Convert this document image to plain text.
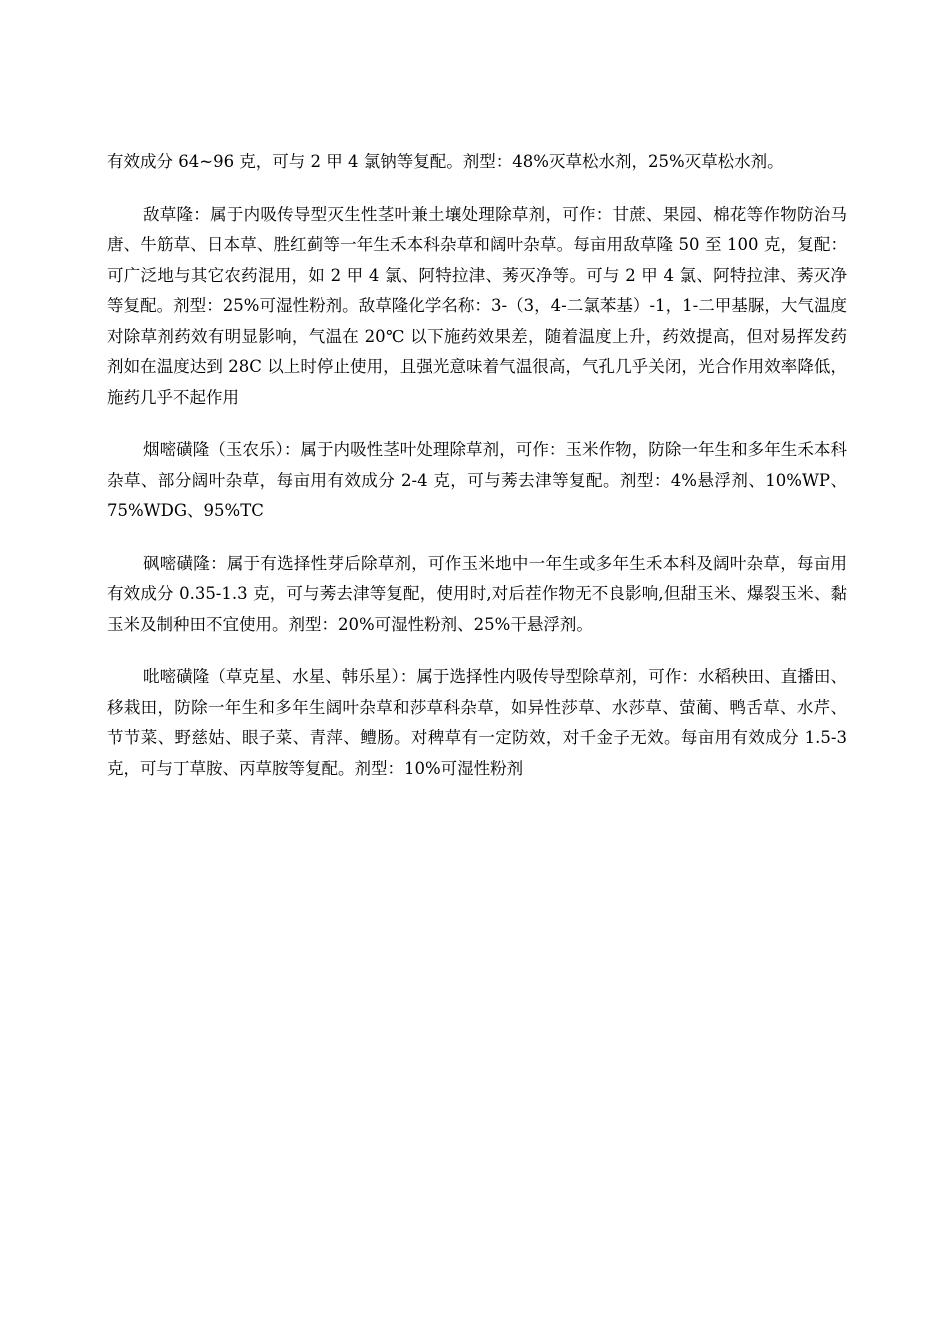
有效成分 64~96 克，可与 2 甲 4 氯钠等复配。剂型：48%灭草松水剂，25%灭草松水剂。

敌草隆：属于内吸传导型灭生性茎叶兼土壤处理除草剂，可作：甘蔗、果园、棉花等作物防治马唐、牛筋草、日本草、胜红蓟等一年生禾本科杂草和阔叶杂草。每亩用敌草隆 50 至 100 克，复配：可广泛地与其它农药混用，如 2 甲 4 氯、阿特拉津、莠灭净等。可与 2 甲 4 氯、阿特拉津、莠灭净等复配。剂型：25%可湿性粉剂。敌草隆化学名称：3-（3，4-二氯苯基）-1，1-二甲基脲，大气温度对除草剂药效有明显影响，气温在 20℃ 以下施药效果差，随着温度上升，药效提高，但对易挥发药剂如在温度达到 28C 以上时停止使用，且强光意味着气温很高，气孔几乎关闭，光合作用效率降低，施药几乎不起作用

烟嘧磺隆（玉农乐）：属于内吸性茎叶处理除草剂，可作：玉米作物，防除一年生和多年生禾本科杂草、部分阔叶杂草，每亩用有效成分 2-4 克，可与莠去津等复配。剂型：4%悬浮剂、10%WP、75%WDG、95%TC

砜嘧磺隆：属于有选择性芽后除草剂，可作玉米地中一年生或多年生禾本科及阔叶杂草，每亩用有效成分 0.35-1.3 克，可与莠去津等复配，使用时,对后茬作物无不良影响,但甜玉米、爆裂玉米、黏玉米及制种田不宜使用。剂型：20%可湿性粉剂、25%干悬浮剂。

吡嘧磺隆（草克星、水星、韩乐星）：属于选择性内吸传导型除草剂，可作：水稻秧田、直播田、移栽田，防除一年生和多年生阔叶杂草和莎草科杂草，如异性莎草、水莎草、萤蔺、鸭舌草、水芹、节节菜、野慈姑、眼子菜、青萍、鳢肠。对稗草有一定防效，对千金子无效。每亩用有效成分 1.5-3 克，可与丁草胺、丙草胺等复配。剂型：10%可湿性粉剂
